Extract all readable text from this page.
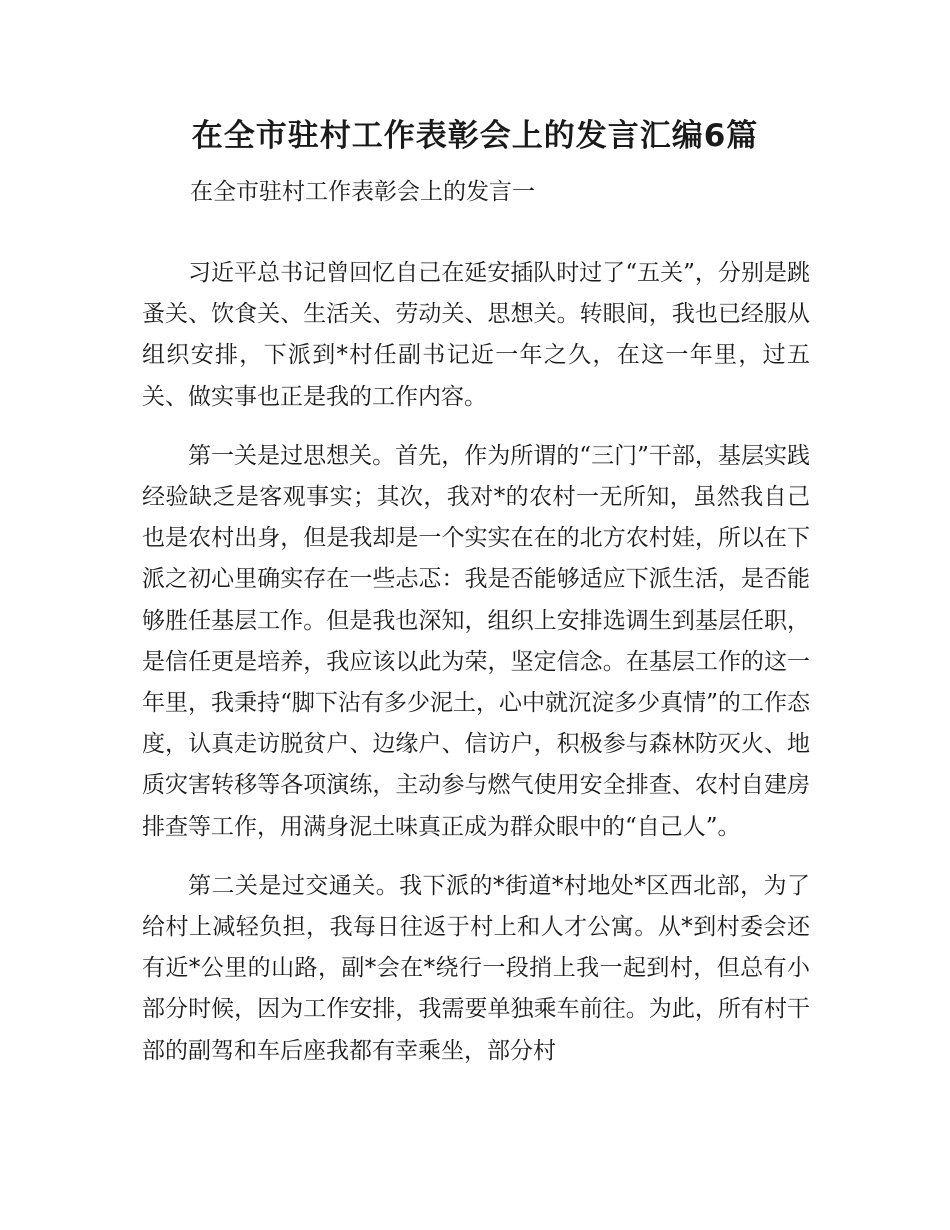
在全市驻村工作表彰会上的发言汇编6篇

在全市驻村工作表彰会上的发言一

习近平总书记曾回忆自己在延安插队时过了“五关”，分别是跳蚤关、饮食关、生活关、劳动关、思想关。转眼间，我也已经服从组织安排，下派到*村任副书记近一年之久，在这一年里，过五关、做实事也正是我的工作内容。

第一关是过思想关。首先，作为所谓的“三门”干部，基层实践经验缺乏是客观事实；其次，我对*的农村一无所知，虽然我自己也是农村出身，但是我却是一个实实在在的北方农村娃，所以在下派之初心里确实存在一些忐忑：我是否能够适应下派生活，是否能够胜任基层工作。但是我也深知，组织上安排选调生到基层任职，是信任更是培养，我应该以此为荣，坚定信念。在基层工作的这一年里，我秉持“脚下沾有多少泥土，心中就沉淀多少真情”的工作态度，认真走访脱贫户、边缘户、信访户，积极参与森林防灭火、地质灾害转移等各项演练，主动参与燃气使用安全排查、农村自建房排查等工作，用满身泥土味真正成为群众眼中的“自己人”。

第二关是过交通关。我下派的*街道*村地处*区西北部，为了给村上减轻负担，我每日往返于村上和人才公寓。从*到村委会还有近*公里的山路，副*会在*绕行一段捎上我一起到村，但总有小部分时候，因为工作安排，我需要单独乘车前往。为此，所有村干部的副驾和车后座我都有幸乘坐，部分村
